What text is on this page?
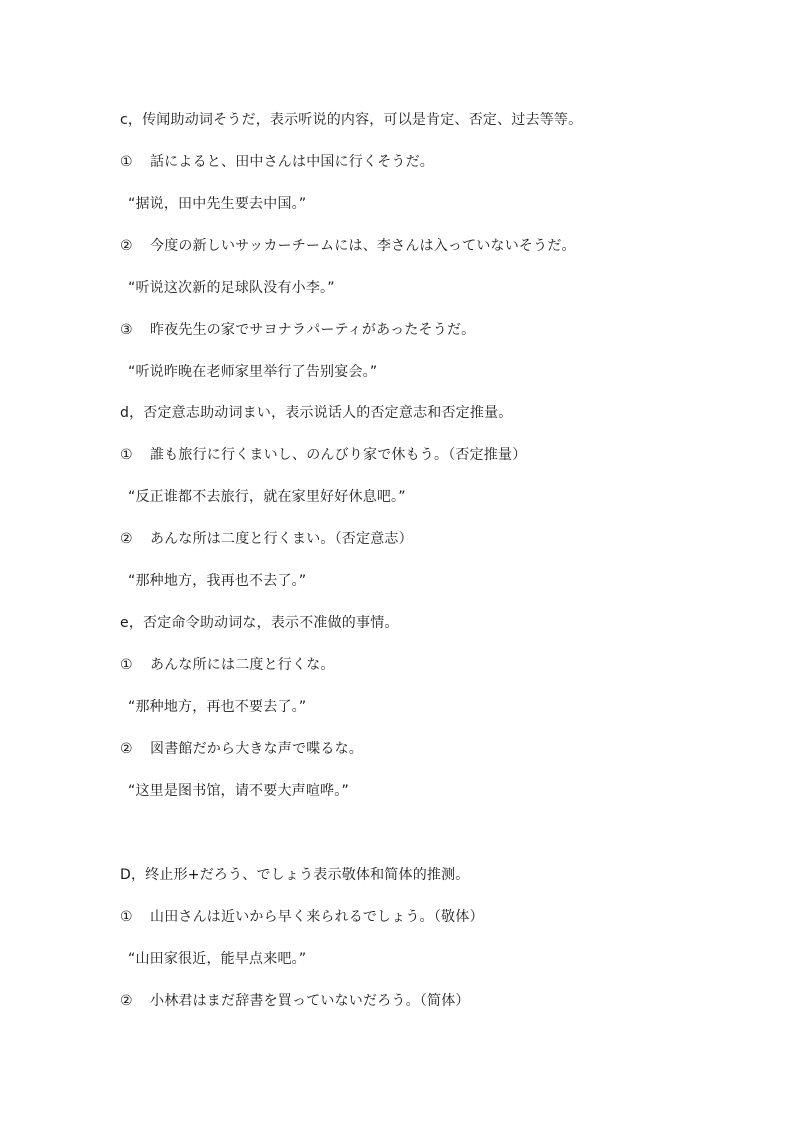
c，传闻助动词そうだ，表示听说的内容，可以是肯定、否定、过去等等。
① 話によると、田中さんは中国に行くそうだ。
“据说，田中先生要去中国。”
② 今度の新しいサッカーチームには、李さんは入っていないそうだ。
“听说这次新的足球队没有小李。”
③ 昨夜先生の家でサヨナラパーティがあったそうだ。
“听说昨晚在老师家里举行了告别宴会。”
d，否定意志助动词まい，表示说话人的否定意志和否定推量。
① 誰も旅行に行くまいし、のんびり家で休もう。（否定推量）
“反正谁都不去旅行，就在家里好好休息吧。”
② あんな所は二度と行くまい。（否定意志）
“那种地方，我再也不去了。”
e，否定命令助动词な，表示不准做的事情。
① あんな所には二度と行くな。
“那种地方，再也不要去了。”
② 図書館だから大きな声で喋るな。
“这里是图书馆，请不要大声喧哗。”
D，终止形+だろう、でしょう表示敬体和简体的推测。
① 山田さんは近いから早く来られるでしょう。（敬体）
“山田家很近，能早点来吧。”
② 小林君はまだ辞書を買っていないだろう。（简体）
